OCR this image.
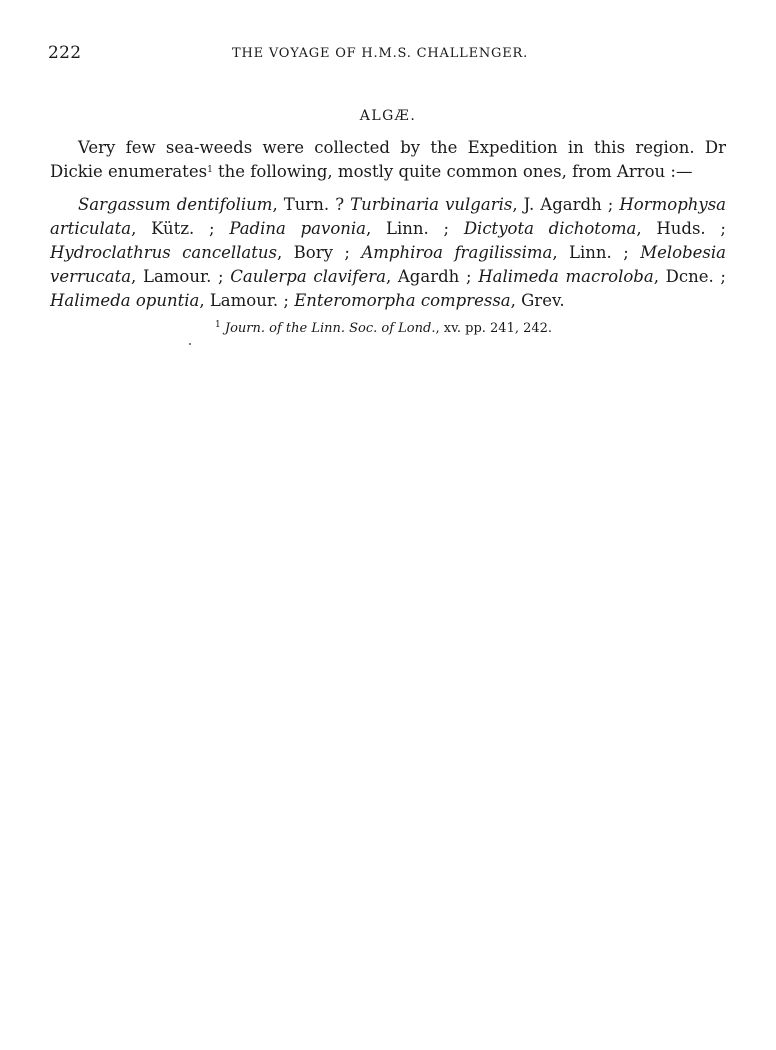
222	THE VOYAGE OF H.M.S. CHALLENGER.
ALGÆ.

Very few sea-weeds were collected by the Expedition in this region. Dr Dickie enumerates$^1$ the following, mostly quite common ones, from Arrou :—

Sargassum dentifolium, Turn. ? Turbinaria vulgaris, J. Agardh ; Hormophysa articulata, Kütz. ; Padina pavonia, Linn. ; Dictyota dichotoma, Huds. ; Hydroclathrus cancellatus, Bory ; Amphiroa fragilissima, Linn. ; Melobesia verrucata, Lamour. ; Caulerpa clavifera, Agardh ; Halimeda macroloba, Dcne. ; Halimeda opuntia, Lamour. ; Enteromorpha compressa, Grev.

$^1$ Journ. of the Linn. Soc. of Lond., xv. pp. 241, 242.
